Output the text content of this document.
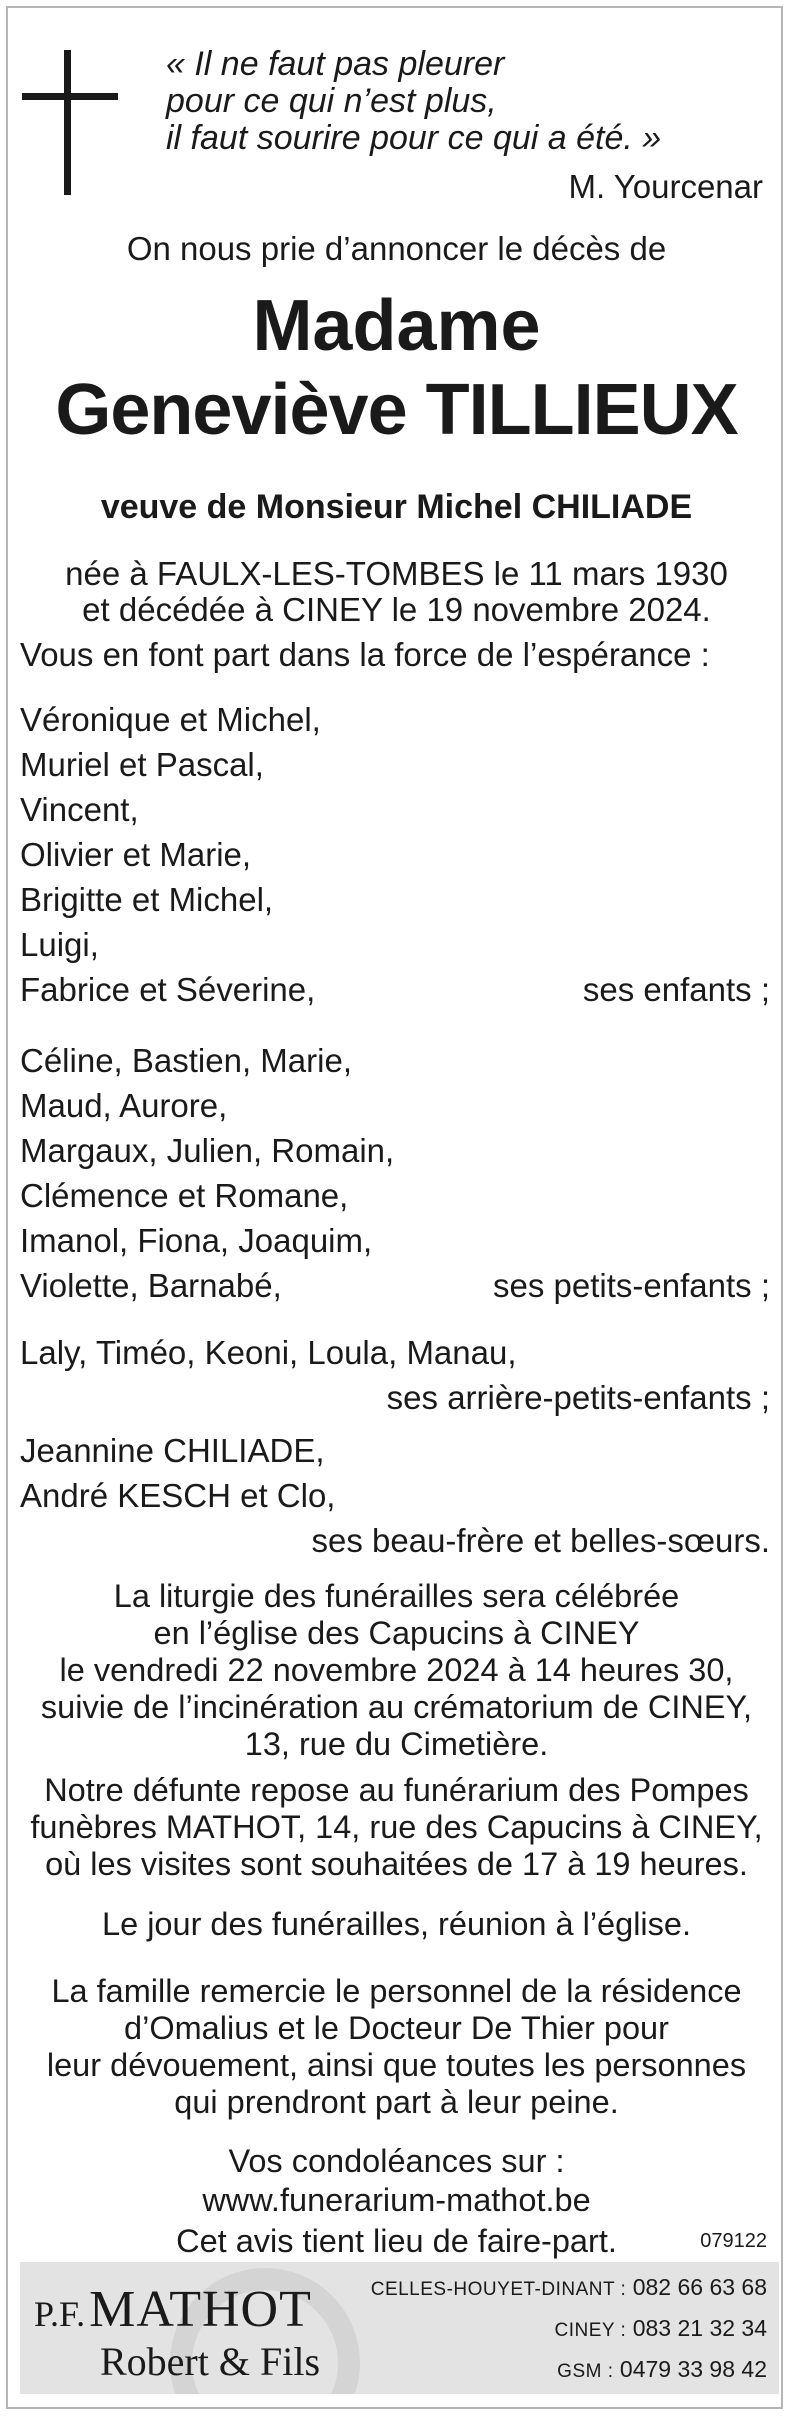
« Il ne faut pas pleurer
pour ce qui n’est plus,
il faut sourire pour ce qui a été. »
M. Yourcenar
On nous prie d’annoncer le décès de
Madame
Geneviève TILLIEUX
veuve de Monsieur Michel CHILIADE
née à FAULX-LES-TOMBES le 11 mars 1930
et décédée à CINEY le 19 novembre 2024.
Vous en font part dans la force de l’espérance :
Véronique et Michel,
Muriel et Pascal,
Vincent,
Olivier et Marie,
Brigitte et Michel,
Luigi,
Fabrice et Séverine,	ses enfants ;
Céline, Bastien, Marie,
Maud, Aurore,
Margaux, Julien, Romain,
Clémence et Romane,
Imanol, Fiona, Joaquim,
Violette, Barnabé,	ses petits-enfants ;
Laly, Timéo, Keoni, Loula, Manau,
ses arrière-petits-enfants ;
Jeannine CHILIADE,
André KESCH et Clo,
ses beau-frère et belles-sœurs.
La liturgie des funérailles sera célébrée
en l’église des Capucins à CINEY
le vendredi 22 novembre 2024 à 14 heures 30,
suivie de l’incinération au crématorium de CINEY,
13, rue du Cimetière.
Notre défunte repose au funérarium des Pompes
funèbres MATHOT, 14, rue des Capucins à CINEY,
où les visites sont souhaitées de 17 à 19 heures.
Le jour des funérailles, réunion à l’église.
La famille remercie le personnel de la résidence
d’Omalius et le Docteur De Thier pour
leur dévouement, ainsi que toutes les personnes
qui prendront part à leur peine.
Vos condoléances sur :
www.funerarium-mathot.be
Cet avis tient lieu de faire-part.	079122
P.F. MATHOT
Robert & Fils
CELLES-HOUYET-DINANT : 082 66 63 68
CINEY : 083 21 32 34
GSM : 0479 33 98 42
